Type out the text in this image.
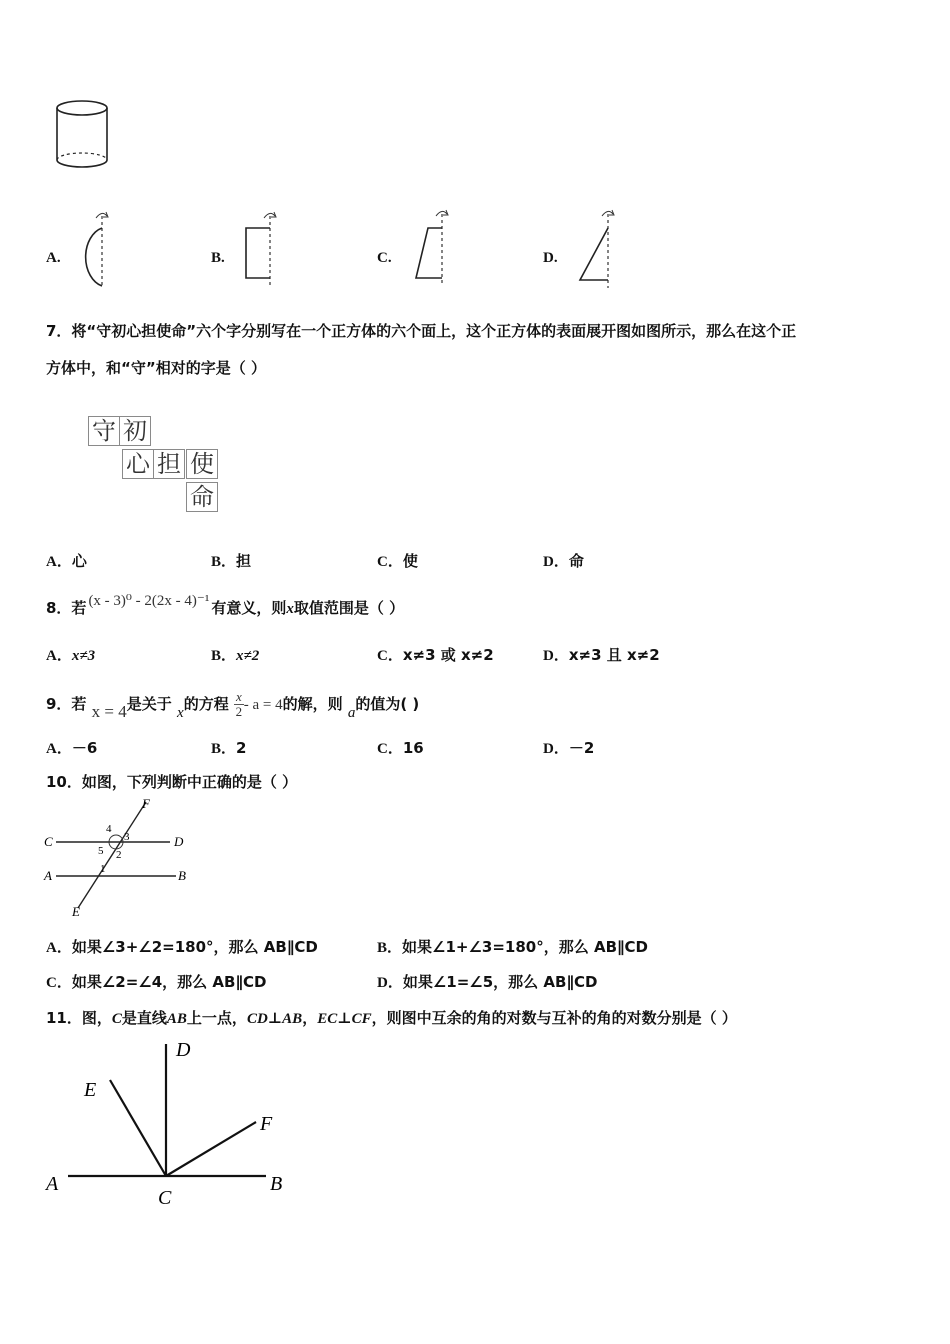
A.	B.	C.	D.
7．将“守初心担使命”六个字分别写在一个正方体的六个面上，这个正方体的表面展开图如图所示，那么在这个正
方体中，和“守”相对的字是（ ）
守 初
心 担 使
命
A．心	B．担	C．使	D．命
8．若 (x - 3)⁰ - 2(2x - 4)⁻¹ 有意义，则x取值范围是（ ）
A．x≠3	B．x≠2	C．x≠3 或 x≠2	D．x≠3 且 x≠2
9．若 x = 4是关于 x的方程 $\frac{x}{2} - a = 4$的解，则 a的值为( )
A．－6	B．2	C．16	D．－2
10．如图，下列判断中正确的是（ ）
C	D
A	B
E
F
4
3
5 2
1
A．如果∠3+∠2=180°，那么 AB∥CD	B．如果∠1+∠3=180°，那么 AB∥CD
C．如果∠2=∠4，那么 AB∥CD	D．如果∠1=∠5，那么 AB∥CD
11．图，C是直线AB上一点，CD⊥AB，EC⊥CF，则图中互余的角的对数与互补的角的对数分别是（ ）
D
E
F
A	B
C
